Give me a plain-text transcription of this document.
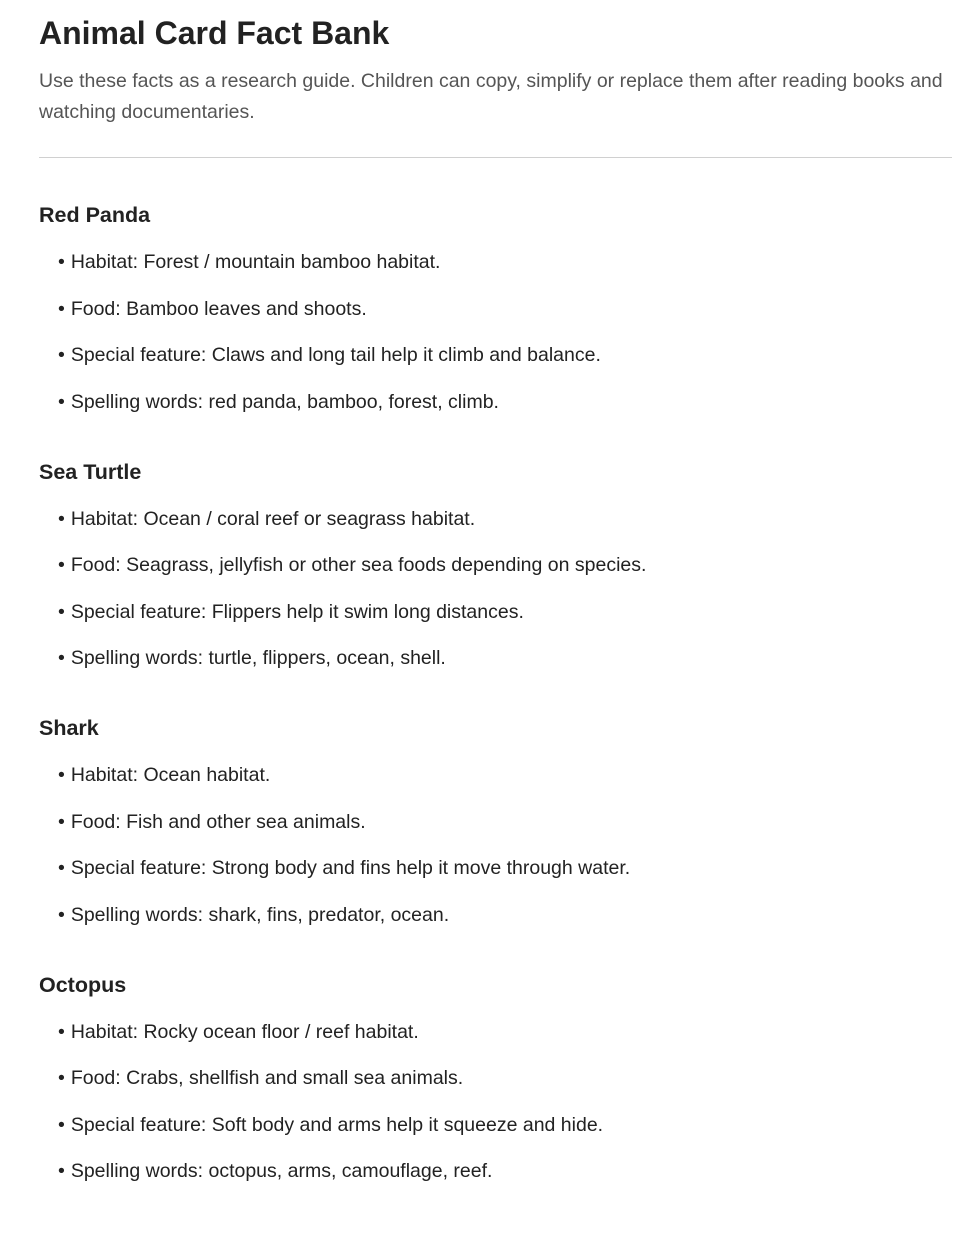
Animal Card Fact Bank

Use these facts as a research guide. Children can copy, simplify or replace them after reading books and watching documentaries.

Red Panda
• Habitat: Forest / mountain bamboo habitat.
• Food: Bamboo leaves and shoots.
• Special feature: Claws and long tail help it climb and balance.
• Spelling words: red panda, bamboo, forest, climb.
Sea Turtle
• Habitat: Ocean / coral reef or seagrass habitat.
• Food: Seagrass, jellyfish or other sea foods depending on species.
• Special feature: Flippers help it swim long distances.
• Spelling words: turtle, flippers, ocean, shell.
Shark
• Habitat: Ocean habitat.
• Food: Fish and other sea animals.
• Special feature: Strong body and fins help it move through water.
• Spelling words: shark, fins, predator, ocean.
Octopus
• Habitat: Rocky ocean floor / reef habitat.
• Food: Crabs, shellfish and small sea animals.
• Special feature: Soft body and arms help it squeeze and hide.
• Spelling words: octopus, arms, camouflage, reef.
